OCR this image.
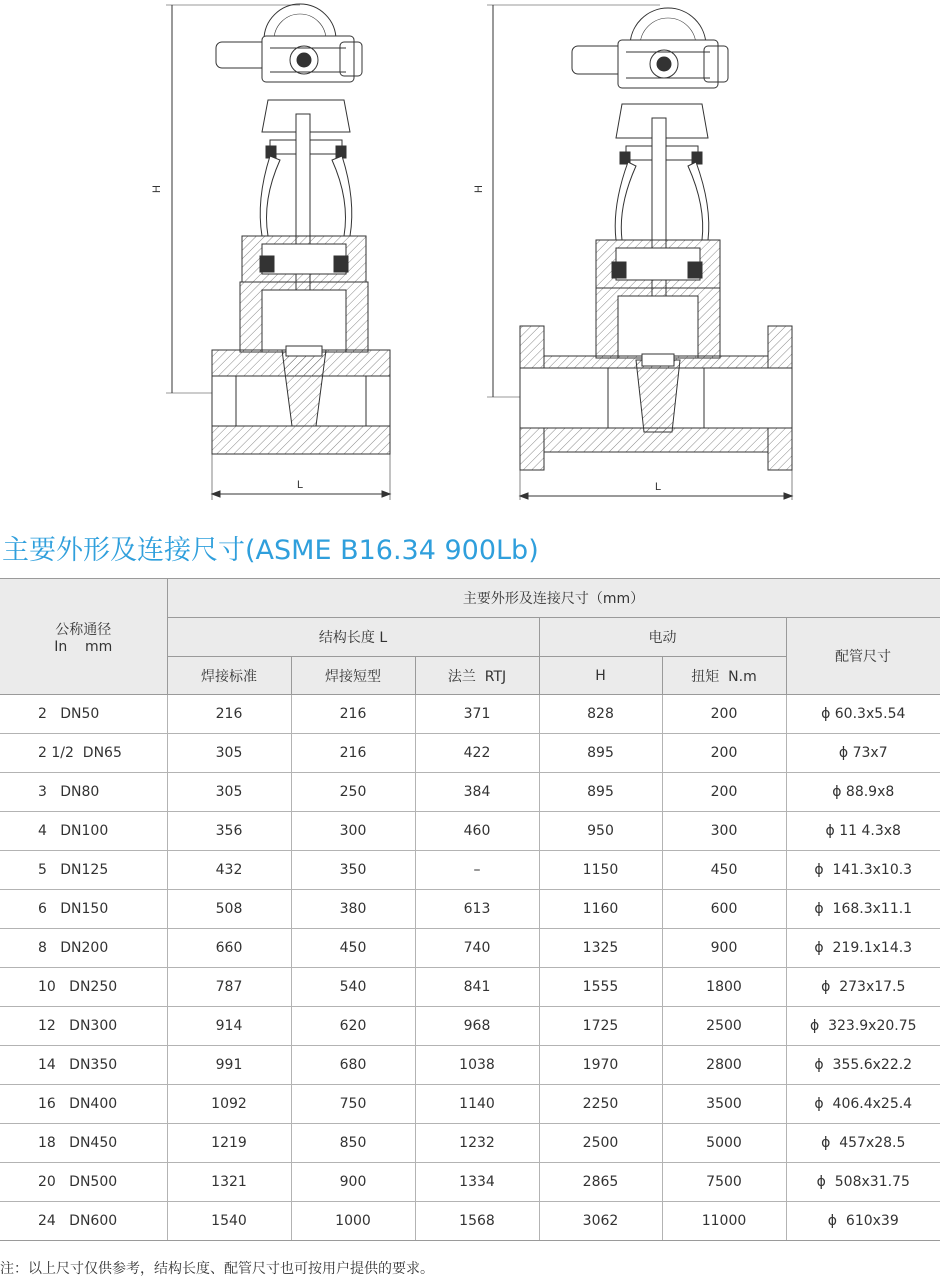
H
L
H
L
主要外形及连接尺寸(ASME B16.34 900Lb)
公称通径
In    mm	主要外形及连接尺寸（mm）					
	结构长度 L			电动		配管尺寸
	焊接标准	焊接短型	法兰  RTJ	H	扭矩  N.m	
2   DN50	216	216	371	828	200	ϕ 60.3x5.54
2 1/2  DN65	305	216	422	895	200	ϕ 73x7
3   DN80	305	250	384	895	200	ϕ 88.9x8
4   DN100	356	300	460	950	300	ϕ 11 4.3x8
5   DN125	432	350	–	1150	450	ϕ  141.3x10.3
6   DN150	508	380	613	1160	600	ϕ  168.3x11.1
8   DN200	660	450	740	1325	900	ϕ  219.1x14.3
10   DN250	787	540	841	1555	1800	ϕ  273x17.5
12   DN300	914	620	968	1725	2500	ϕ  323.9x20.75
14   DN350	991	680	1038	1970	2800	ϕ  355.6x22.2
16   DN400	1092	750	1140	2250	3500	ϕ  406.4x25.4
18   DN450	1219	850	1232	2500	5000	ϕ  457x28.5
20   DN500	1321	900	1334	2865	7500	ϕ  508x31.75
24   DN600	1540	1000	1568	3062	11000	ϕ  610x39
注：以上尺寸仅供参考，结构长度、配管尺寸也可按用户提供的要求。
